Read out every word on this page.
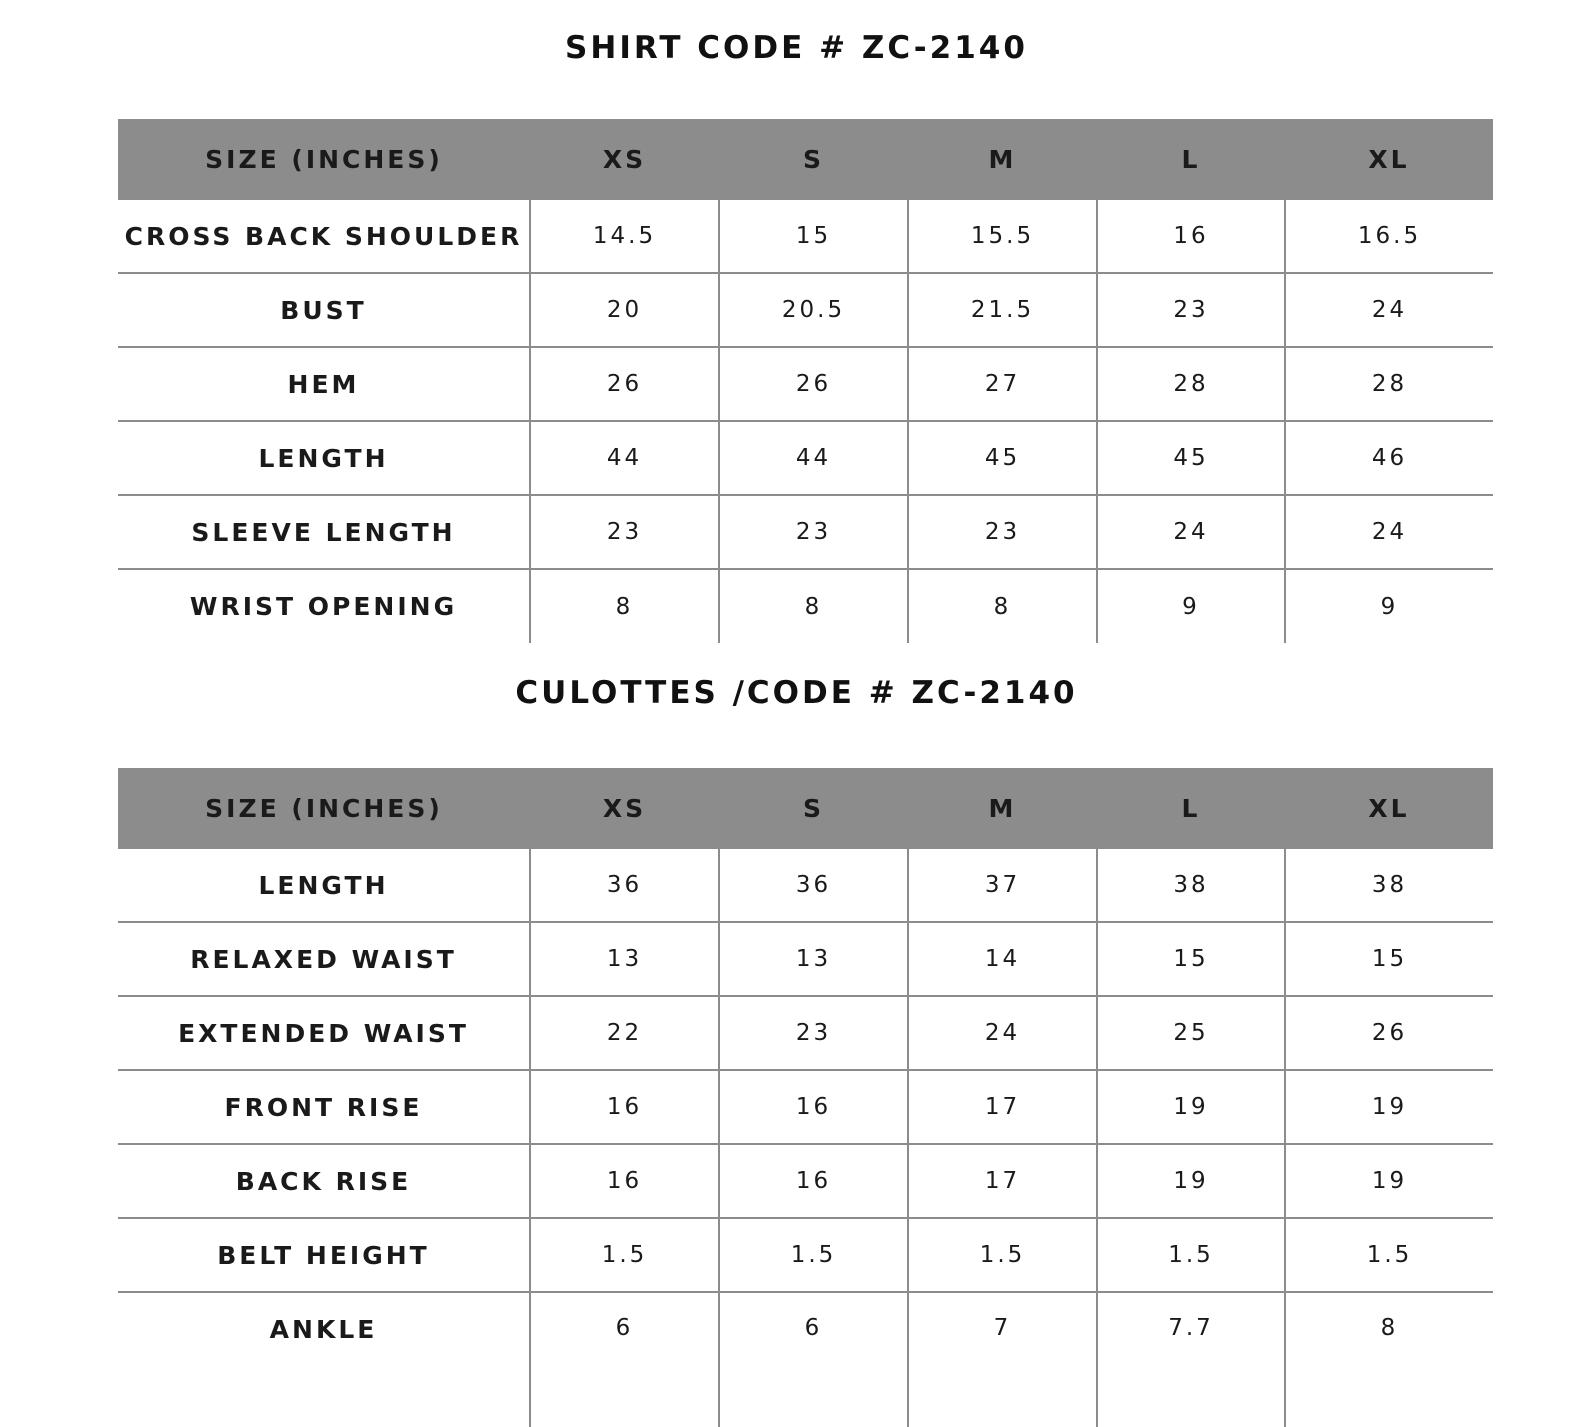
SHIRT CODE # ZC-2140
SIZE (INCHES)	XS	S	M	L	XL
CROSS BACK SHOULDER	14.5	15	15.5	16	16.5
BUST	20	20.5	21.5	23	24
HEM	26	26	27	28	28
LENGTH	44	44	45	45	46
SLEEVE LENGTH	23	23	23	24	24
WRIST OPENING	8	8	8	9	9
CULOTTES /CODE # ZC-2140
SIZE (INCHES)	XS	S	M	L	XL
LENGTH	36	36	37	38	38
RELAXED WAIST	13	13	14	15	15
EXTENDED WAIST	22	23	24	25	26
FRONT RISE	16	16	17	19	19
BACK RISE	16	16	17	19	19
BELT HEIGHT	1.5	1.5	1.5	1.5	1.5
ANKLE	6	6	7	7.7	8
